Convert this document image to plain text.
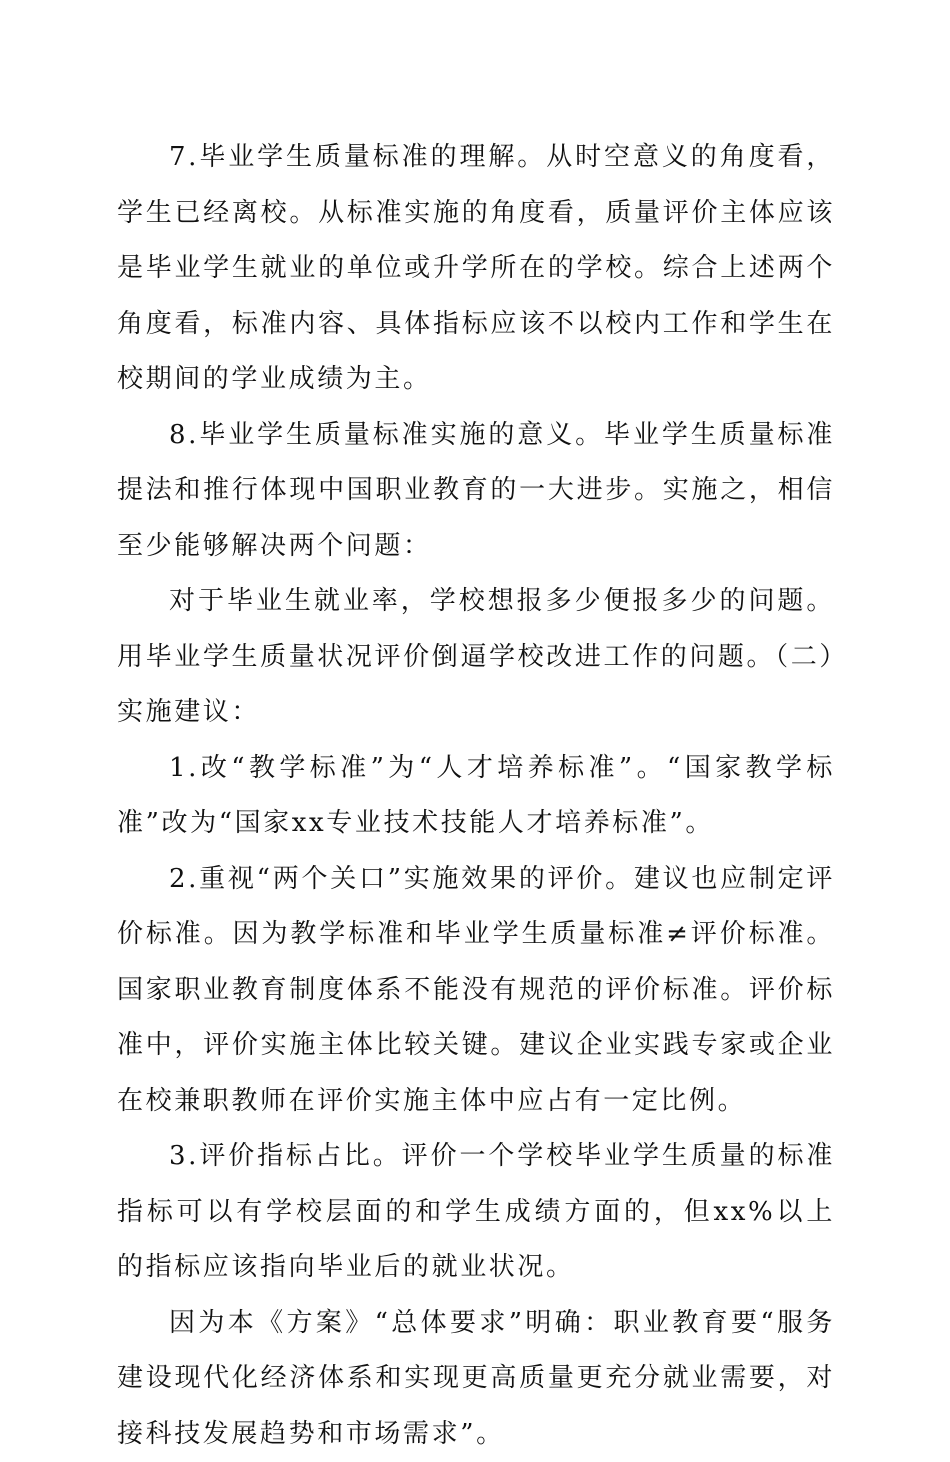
7.毕业学生质量标准的理解。从时空意义的角度看，学生已经离校。从标准实施的角度看，质量评价主体应该是毕业学生就业的单位或升学所在的学校。综合上述两个角度看，标准内容、具体指标应该不以校内工作和学生在校期间的学业成绩为主。

8.毕业学生质量标准实施的意义。毕业学生质量标准提法和推行体现中国职业教育的一大进步。实施之，相信至少能够解决两个问题：

对于毕业生就业率，学校想报多少便报多少的问题。用毕业学生质量状况评价倒逼学校改进工作的问题。（二）实施建议：

1.改“教学标准”为“人才培养标准”。“国家教学标准”改为“国家xx专业技术技能人才培养标准”。

2.重视“两个关口”实施效果的评价。建议也应制定评价标准。因为教学标准和毕业学生质量标准≠评价标准。国家职业教育制度体系不能没有规范的评价标准。评价标准中，评价实施主体比较关键。建议企业实践专家或企业在校兼职教师在评价实施主体中应占有一定比例。

3.评价指标占比。评价一个学校毕业学生质量的标准指标可以有学校层面的和学生成绩方面的，但xx%以上的指标应该指向毕业后的就业状况。

因为本《方案》“总体要求”明确：职业教育要“服务建设现代化经济体系和实现更高质量更充分就业需要，对接科技发展趋势和市场需求”。
